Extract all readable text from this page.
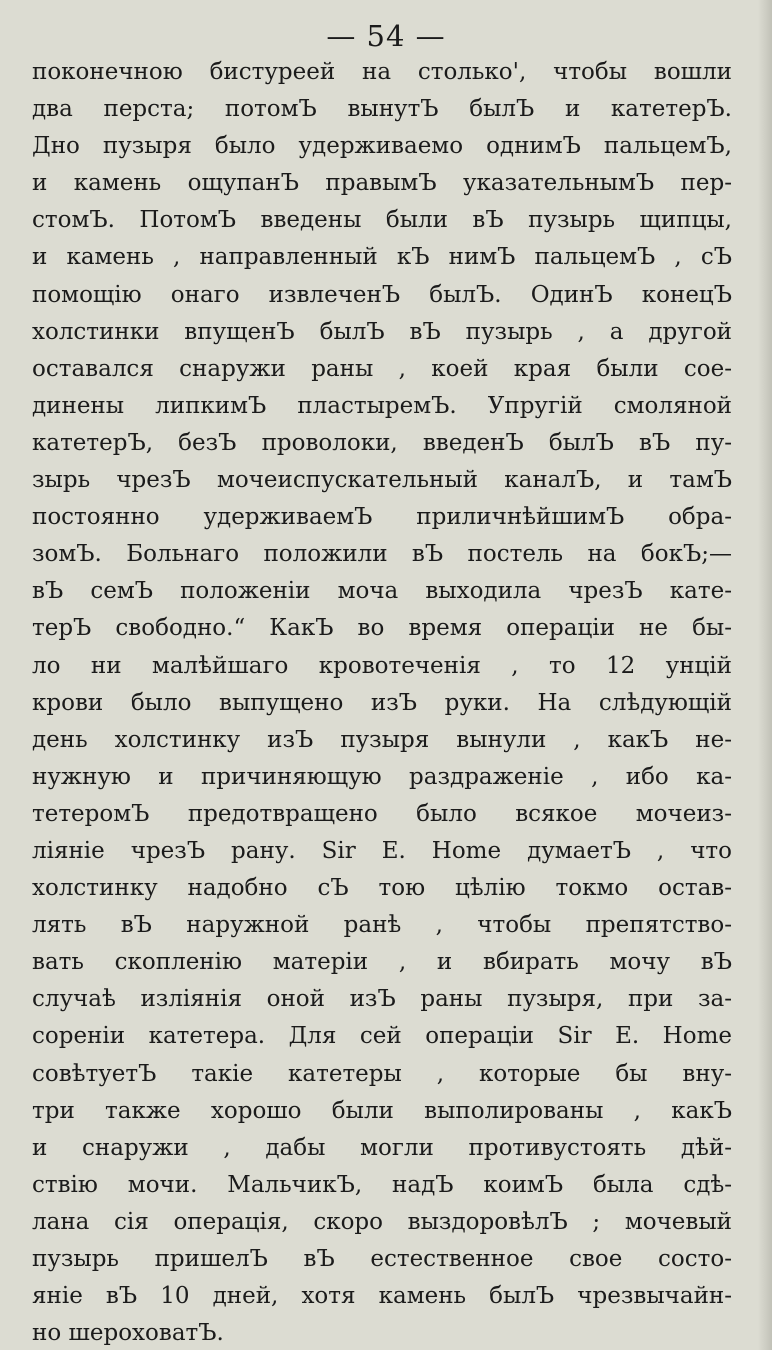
— 54 —
поконечною бистуреей на столько', чтобы вошли
два перста; потомЪ вынутЪ былЪ и катетерЪ.
Дно пузыря было удерживаемо однимЪ пальцемЪ,
и камень ощупанЪ правымЪ указательнымЪ пер-
стомЪ. ПотомЪ введены были вЪ пузырь щипцы,
и камень , направленный кЪ нимЪ пальцемЪ , сЪ
помощію онаго извлеченЪ былЪ. ОдинЪ конецЪ
холстинки впущенЪ былЪ вЪ пузырь , а другой
оставался снаружи раны , коей края были сое-
динены липкимЪ пластыремЪ. Упругій смоляной
катетерЪ, безЪ проволоки, введенЪ былЪ вЪ пу-
зырь чрезЪ мочеиспускательный каналЪ, и тамЪ
постоянно удерживаемЪ приличнѣйшимЪ обра-
зомЪ. Больнаго положили вЪ постель на бокЪ;—
вЪ семЪ положеніи моча выходила чрезЪ кате-
терЪ свободно.“ КакЪ во время операціи не бы-
ло ни малѣйшаго кровотеченія , то 12 унцій
крови было выпущено изЪ руки. На слѣдующій
день холстинку изЪ пузыря вынули , какЪ не-
нужную и причиняющую раздраженіе , ибо ка-
тетеромЪ предотвращено было всякое мочеиз-
ліяніе чрезЪ рану. Sir E. Home думаетЪ , что
холстинку надобно сЪ тою цѣлію токмо остав-
лять вЪ наружной ранѣ , чтобы препятство-
вать скопленію матеріи , и вбирать мочу вЪ
случаѣ изліянія оной изЪ раны пузыря, при за-
сореніи катетера. Для сей операціи Sir E. Home
совѣтуетЪ такіе катетеры , которые бы вну-
три также хорошо были выполированы , какЪ
и снаружи , дабы могли противустоять дѣй-
ствію мочи. МальчикЪ, надЪ коимЪ была сдѣ-
лана сія операція, скоро выздоровѣлЪ ; мочевый
пузырь пришелЪ вЪ естественное свое состо-
яніе вЪ 10 дней, хотя камень былЪ чрезвычайн-
но шероховатЪ.
